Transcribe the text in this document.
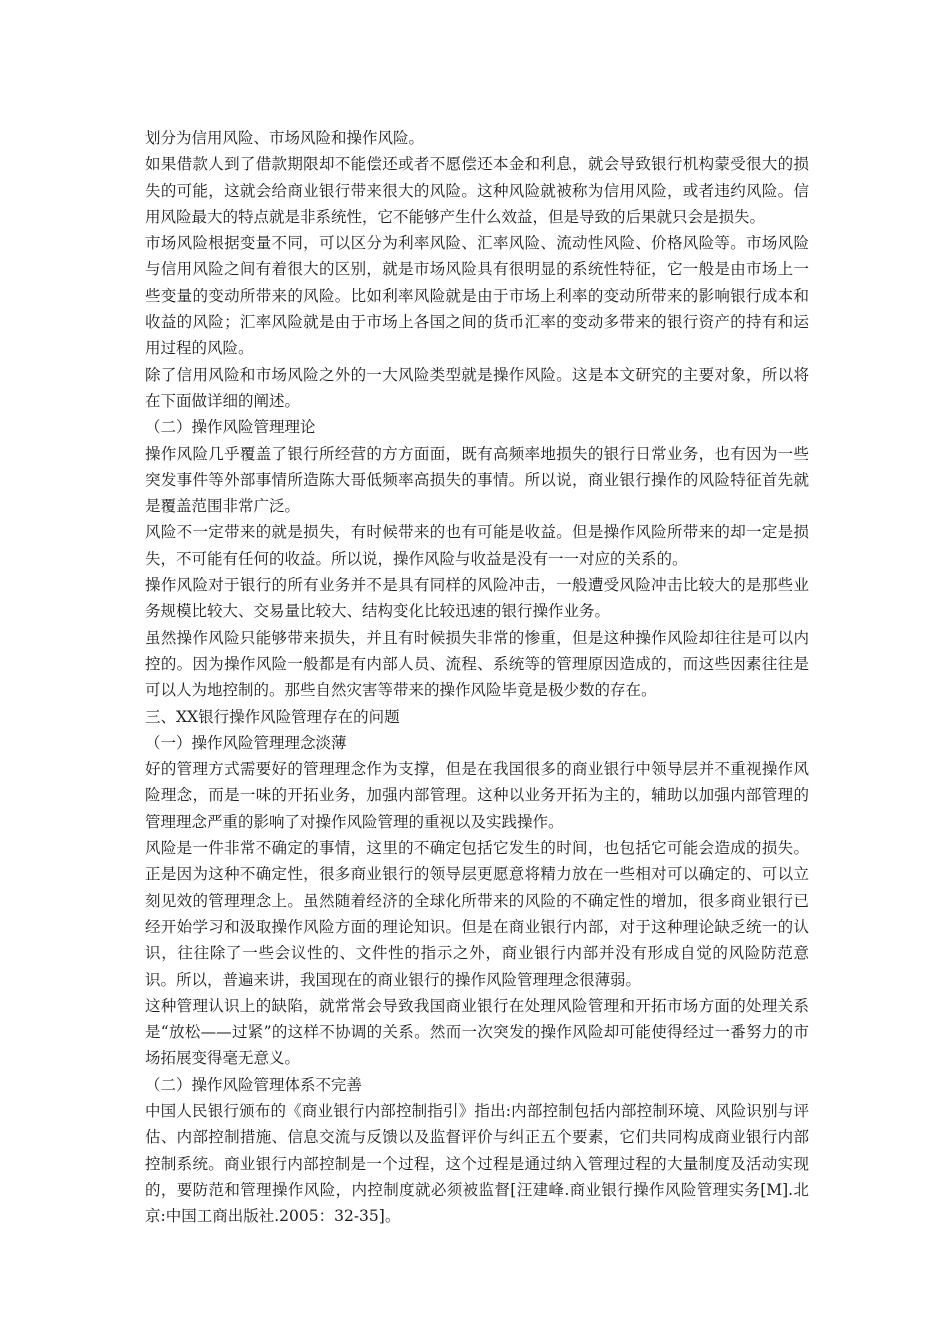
划分为信用风险、市场风险和操作风险。

如果借款人到了借款期限却不能偿还或者不愿偿还本金和利息，就会导致银行机构蒙受很大的损失的可能，这就会给商业银行带来很大的风险。这种风险就被称为信用风险，或者违约风险。信用风险最大的特点就是非系统性，它不能够产生什么效益，但是导致的后果就只会是损失。

市场风险根据变量不同，可以区分为利率风险、汇率风险、流动性风险、价格风险等。市场风险与信用风险之间有着很大的区别，就是市场风险具有很明显的系统性特征，它一般是由市场上一些变量的变动所带来的风险。比如利率风险就是由于市场上利率的变动所带来的影响银行成本和收益的风险；汇率风险就是由于市场上各国之间的货币汇率的变动多带来的银行资产的持有和运用过程的风险。

除了信用风险和市场风险之外的一大风险类型就是操作风险。这是本文研究的主要对象，所以将在下面做详细的阐述。

（二）操作风险管理理论

操作风险几乎覆盖了银行所经营的方方面面，既有高频率地损失的银行日常业务，也有因为一些突发事件等外部事情所造陈大哥低频率高损失的事情。所以说，商业银行操作的风险特征首先就是覆盖范围非常广泛。

风险不一定带来的就是损失，有时候带来的也有可能是收益。但是操作风险所带来的却一定是损失，不可能有任何的收益。所以说，操作风险与收益是没有一一对应的关系的。

操作风险对于银行的所有业务并不是具有同样的风险冲击，一般遭受风险冲击比较大的是那些业务规模比较大、交易量比较大、结构变化比较迅速的银行操作业务。

虽然操作风险只能够带来损失，并且有时候损失非常的惨重，但是这种操作风险却往往是可以内控的。因为操作风险一般都是有内部人员、流程、系统等的管理原因造成的，而这些因素往往是可以人为地控制的。那些自然灾害等带来的操作风险毕竟是极少数的存在。

三、XX银行操作风险管理存在的问题

（一）操作风险管理理念淡薄

好的管理方式需要好的管理理念作为支撑，但是在我国很多的商业银行中领导层并不重视操作风险理念，而是一味的开拓业务，加强内部管理。这种以业务开拓为主的，辅助以加强内部管理的管理理念严重的影响了对操作风险管理的重视以及实践操作。

风险是一件非常不确定的事情，这里的不确定包括它发生的时间，也包括它可能会造成的损失。正是因为这种不确定性，很多商业银行的领导层更愿意将精力放在一些相对可以确定的、可以立刻见效的管理理念上。虽然随着经济的全球化所带来的风险的不确定性的增加，很多商业银行已经开始学习和汲取操作风险方面的理论知识。但是在商业银行内部，对于这种理论缺乏统一的认识，往往除了一些会议性的、文件性的指示之外，商业银行内部并没有形成自觉的风险防范意识。所以，普遍来讲，我国现在的商业银行的操作风险管理理念很薄弱。

这种管理认识上的缺陷，就常常会导致我国商业银行在处理风险管理和开拓市场方面的处理关系是“放松——过紧”的这样不协调的关系。然而一次突发的操作风险却可能使得经过一番努力的市场拓展变得毫无意义。

（二）操作风险管理体系不完善

中国人民银行颁布的《商业银行内部控制指引》指出:内部控制包括内部控制环境、风险识别与评估、内部控制措施、信息交流与反馈以及监督评价与纠正五个要素，它们共同构成商业银行内部控制系统。商业银行内部控制是一个过程，这个过程是通过纳入管理过程的大量制度及活动实现的，要防范和管理操作风险，内控制度就必须被监督[汪建峰.商业银行操作风险管理实务[M].北京:中国工商出版社.2005：32-35]。
